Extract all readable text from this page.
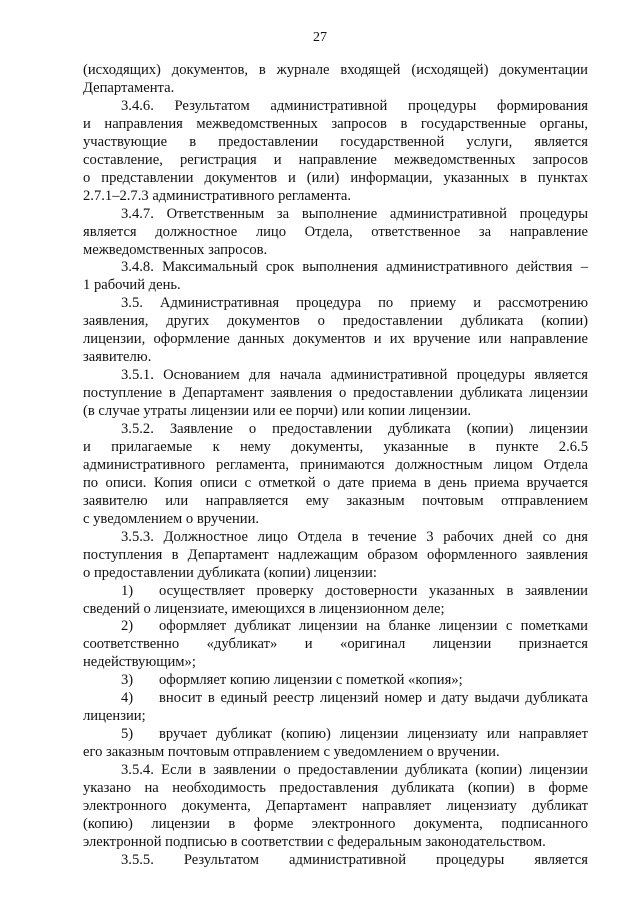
27
(исходящих) документов, в журнале входящей (исходящей) документации
Департамента.
3.4.6. Результатом административной процедуры формирования
и направления межведомственных запросов в государственные органы,
участвующие в предоставлении государственной услуги, является
составление, регистрация и направление межведомственных запросов
о представлении документов и (или) информации, указанных в пунктах
2.7.1–2.7.3 административного регламента.
3.4.7. Ответственным за выполнение административной процедуры
является должностное лицо Отдела, ответственное за направление
межведомственных запросов.
3.4.8. Максимальный срок выполнения административного действия –
1 рабочий день.
3.5. Административная процедура по приему и рассмотрению
заявления, других документов о предоставлении дубликата (копии)
лицензии, оформление данных документов и их вручение или направление
заявителю.
3.5.1. Основанием для начала административной процедуры является
поступление в Департамент заявления о предоставлении дубликата лицензии
(в случае утраты лицензии или ее порчи) или копии лицензии.
3.5.2. Заявление о предоставлении дубликата (копии) лицензии
и прилагаемые к нему документы, указанные в пункте 2.6.5
административного регламента, принимаются должностным лицом Отдела
по описи. Копия описи с отметкой о дате приема в день приема вручается
заявителю или направляется ему заказным почтовым отправлением
с уведомлением о вручении.
3.5.3. Должностное лицо Отдела в течение 3 рабочих дней со дня
поступления в Департамент надлежащим образом оформленного заявления
о предоставлении дубликата (копии) лицензии:
1) осуществляет проверку достоверности указанных в заявлении
сведений о лицензиате, имеющихся в лицензионном деле;
2) оформляет дубликат лицензии на бланке лицензии с пометками
соответственно «дубликат» и «оригинал лицензии признается
недействующим»;
3) оформляет копию лицензии с пометкой «копия»;
4) вносит в единый реестр лицензий номер и дату выдачи дубликата
лицензии;
5) вручает дубликат (копию) лицензии лицензиату или направляет
его заказным почтовым отправлением с уведомлением о вручении.
3.5.4. Если в заявлении о предоставлении дубликата (копии) лицензии
указано на необходимость предоставления дубликата (копии) в форме
электронного документа, Департамент направляет лицензиату дубликат
(копию) лицензии в форме электронного документа, подписанного
электронной подписью в соответствии с федеральным законодательством.
3.5.5. Результатом административной процедуры является
